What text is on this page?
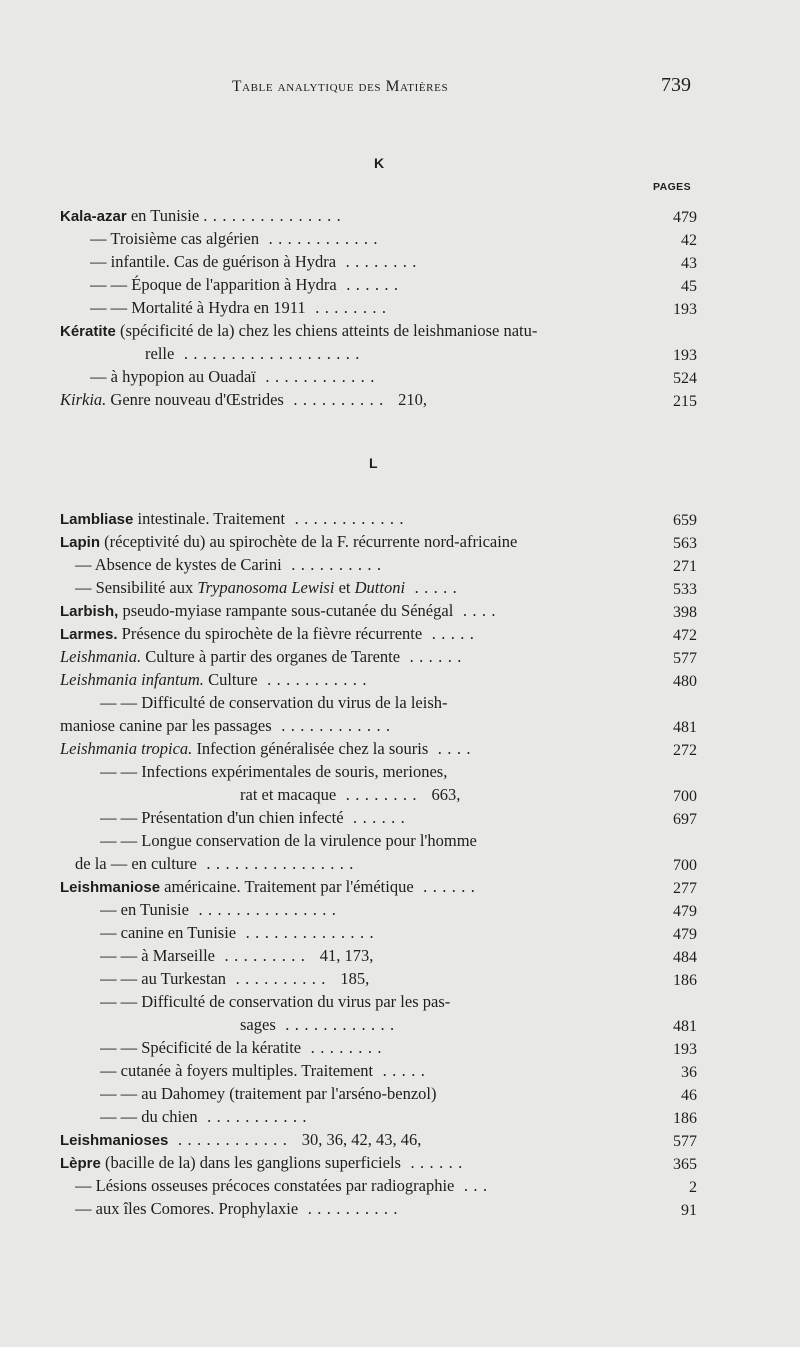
Table analytique des Matières	739
K
PAGES
Kala-azar en Tunisie ...............	479
— Troisième cas algérien ............	42
— infantile. Cas de guérison à Hydra ........	43
— — Époque de l'apparition à Hydra ......	45
— — Mortalité à Hydra en 1911 ........	193
Kératite (spécificité de la) chez les chiens atteints de leishmaniose natu-
relle ...................	193
— à hypopion au Ouadaï ............	524
Kirkia. Genre nouveau d'Œstrides .......... 210,	215
L
Lambliase intestinale. Traitement ............	659
Lapin (réceptivité du) au spirochète de la F. récurrente nord-africaine	563
— Absence de kystes de Carini ..........	271
— Sensibilité aux Trypanosoma Lewisi et Duttoni .....	533
Larbish, pseudo-myiase rampante sous-cutanée du Sénégal ....	398
Larmes. Présence du spirochète de la fièvre récurrente .....	472
Leishmania. Culture à partir des organes de Tarente ......	577
Leishmania infantum. Culture ...........	480
— — Difficulté de conservation du virus de la leish-
maniose canine par les passages ............	481
Leishmania tropica. Infection généralisée chez la souris ....	272
— — Infections expérimentales de souris, meriones,
rat et macaque ........ 663,	700
— — Présentation d'un chien infecté ......	697
— — Longue conservation de la virulence pour l'homme
de la — en culture ................	700
Leishmaniose américaine. Traitement par l'émétique ......	277
— en Tunisie ...............	479
— canine en Tunisie ..............	479
— — à Marseille ......... 41, 173,	484
— — au Turkestan .......... 185,	186
— — Difficulté de conservation du virus par les pas-
sages ............	481
— — Spécificité de la kératite ........	193
— cutanée à foyers multiples. Traitement .....	36
— — au Dahomey (traitement par l'arséno-benzol)	46
— — du chien ...........	186
Leishmanioses ............ 30, 36, 42, 43, 46,	577
Lèpre (bacille de la) dans les ganglions superficiels ......	365
— Lésions osseuses précoces constatées par radiographie ...	2
— aux îles Comores. Prophylaxie ..........	91
